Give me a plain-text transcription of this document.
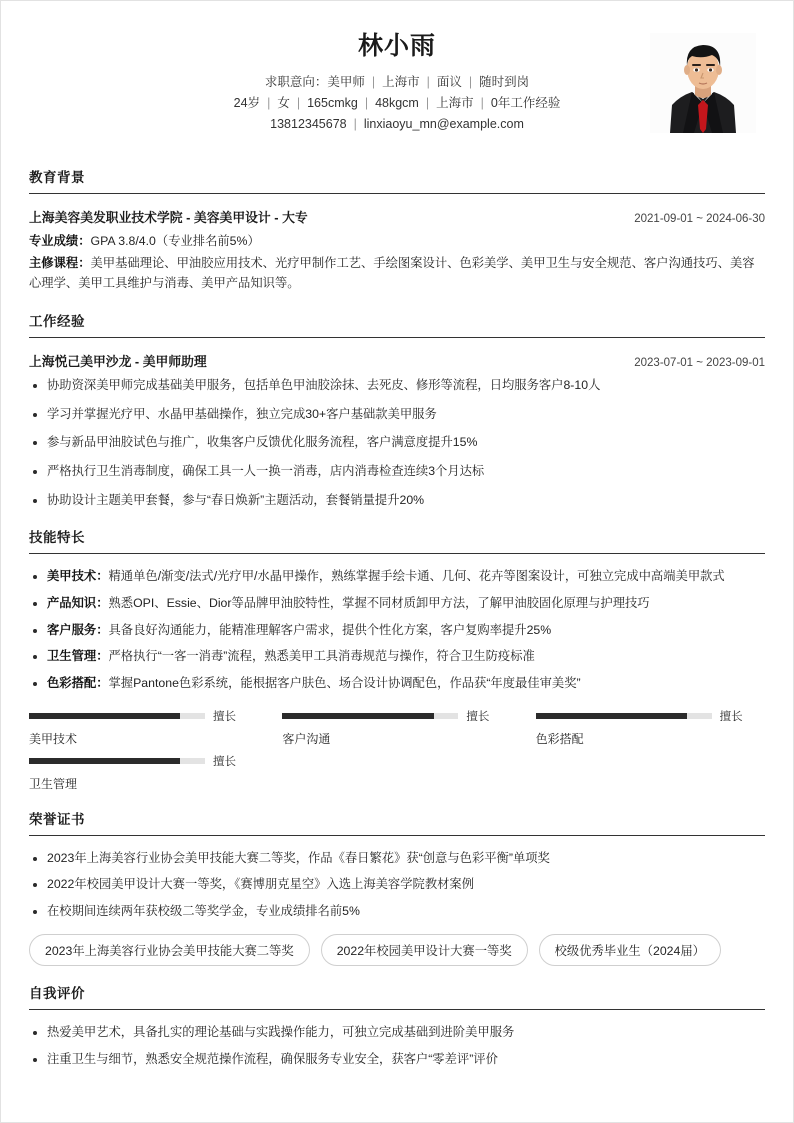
林小雨
求职意向：美甲师 | 上海市 | 面议 | 随时到岗
24岁 | 女 | 165cmkg | 48kgcm | 上海市 | 0年工作经验
13812345678 | linxiaoyu_mn@example.com
教育背景
上海美容美发职业技术学院 - 美容美甲设计 - 大专	2021-09-01 ~ 2024-06-30
专业成绩：GPA 3.8/4.0（专业排名前5%）
主修课程：美甲基础理论、甲油胶应用技术、光疗甲制作工艺、手绘图案设计、色彩美学、美甲卫生与安全规范、客户沟通技巧、美容心理学、美甲工具维护与消毒、美甲产品知识等。
工作经验
上海悦己美甲沙龙 - 美甲师助理	2023-07-01 ~ 2023-09-01
协助资深美甲师完成基础美甲服务，包括单色甲油胶涂抹、去死皮、修形等流程，日均服务客户8-10人
学习并掌握光疗甲、水晶甲基础操作，独立完成30+客户基础款美甲服务
参与新品甲油胶试色与推广，收集客户反馈优化服务流程，客户满意度提升15%
严格执行卫生消毒制度，确保工具一人一换一消毒，店内消毒检查连续3个月达标
协助设计主题美甲套餐，参与“春日焕新”主题活动，套餐销量提升20%
技能特长
美甲技术：精通单色/渐变/法式/光疗甲/水晶甲操作，熟练掌握手绘卡通、几何、花卉等图案设计，可独立完成中高端美甲款式
产品知识：熟悉OPI、Essie、Dior等品牌甲油胶特性，掌握不同材质卸甲方法，了解甲油胶固化原理与护理技巧
客户服务：具备良好沟通能力，能精准理解客户需求，提供个性化方案，客户复购率提升25%
卫生管理：严格执行“一客一消毒”流程，熟悉美甲工具消毒规范与操作，符合卫生防疫标准
色彩搭配：掌握Pantone色彩系统，能根据客户肤色、场合设计协调配色，作品获“年度最佳审美奖”
擅长
美甲技术
擅长
客户沟通
擅长
色彩搭配
擅长
卫生管理
荣誉证书
2023年上海美容行业协会美甲技能大赛二等奖，作品《春日繁花》获“创意与色彩平衡”单项奖
2022年校园美甲设计大赛一等奖，《赛博朋克星空》入选上海美容学院教材案例
在校期间连续两年获校级二等奖学金，专业成绩排名前5%
2023年上海美容行业协会美甲技能大赛二等奖	2022年校园美甲设计大赛一等奖	校级优秀毕业生（2024届）
自我评价
热爱美甲艺术，具备扎实的理论基础与实践操作能力，可独立完成基础到进阶美甲服务
注重卫生与细节，熟悉安全规范操作流程，确保服务专业安全，获客户“零差评”评价
